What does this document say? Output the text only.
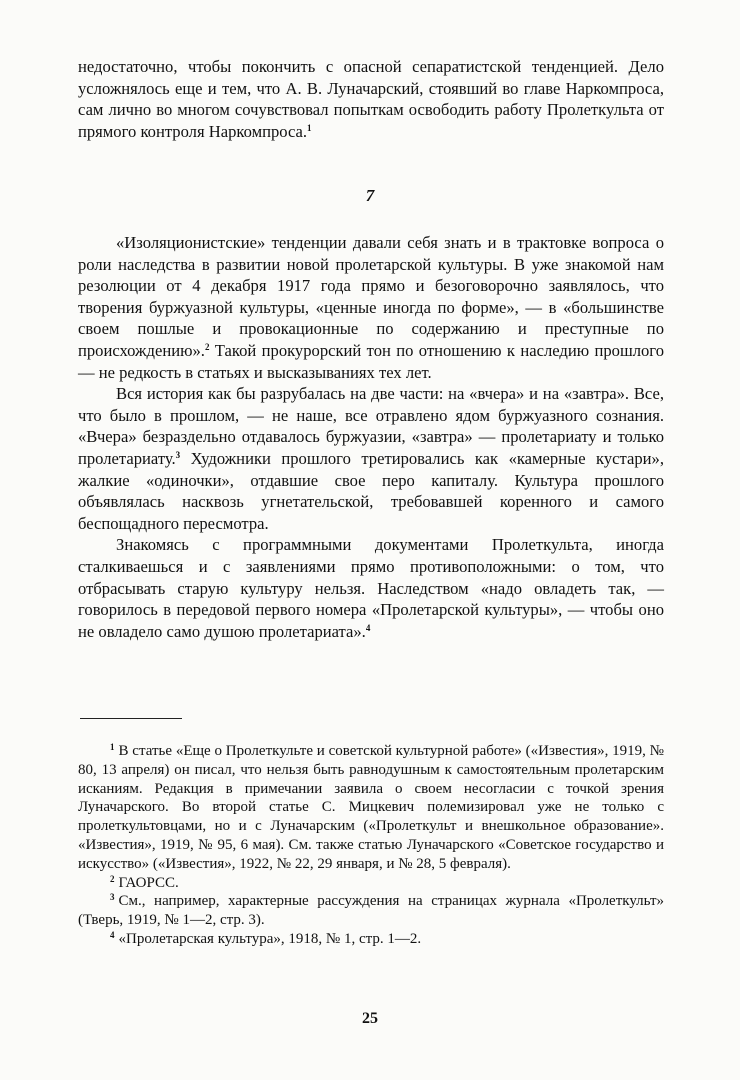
недостаточно, чтобы покончить с опасной сепаратистской тенденцией. Дело усложнялось еще и тем, что А. В. Луначарский, стоявший во главе Наркомпроса, сам лично во многом сочувствовал попыткам освободить работу Пролеткульта от прямого контроля Наркомпроса.$^1$

7

«Изоляционистские» тенденции давали себя знать и в трактовке вопроса о роли наследства в развитии новой пролетарской культуры. В уже знакомой нам резолюции от 4 декабря 1917 года прямо и безоговорочно заявлялось, что творения буржуазной культуры, «ценные иногда по форме», — в «большинстве своем пошлые и провокационные по содержанию и преступные по происхождению».$^2$ Такой прокурорский тон по отношению к наследию прошлого — не редкость в статьях и высказываниях тех лет.

Вся история как бы разрубалась на две части: на «вчера» и на «завтра». Все, что было в прошлом, — не наше, все отравлено ядом буржуазного сознания. «Вчера» безраздельно отдавалось буржуазии, «завтра» — пролетариату и только пролетариату.$^3$ Художники прошлого третировались как «камерные кустари», жалкие «одиночки», отдавшие свое перо капиталу. Культура прошлого объявлялась насквозь угнетательской, требовавшей коренного и самого беспощадного пересмотра.

Знакомясь с программными документами Пролеткульта, иногда сталкиваешься и с заявлениями прямо противоположными: о том, что отбрасывать старую культуру нельзя. Наследством «надо овладеть так, — говорилось в передовой первого номера «Пролетарской культуры», — чтобы оно не овладело само душою пролетариата».$^4$

$^1$ В статье «Еще о Пролеткульте и советской культурной работе» («Известия», 1919, № 80, 13 апреля) он писал, что нельзя быть равнодушным к самостоятельным пролетарским исканиям. Редакция в примечании заявила о своем несогласии с точкой зрения Луначарского. Во второй статье С. Мицкевич полемизировал уже не только с пролеткультовцами, но и с Луначарским («Пролеткульт и внешкольное образование». «Известия», 1919, № 95, 6 мая). См. также статью Луначарского «Советское государство и искусство» («Известия», 1922, № 22, 29 января, и № 28, 5 февраля).

$^2$ ГАОРСС.

$^3$ См., например, характерные рассуждения на страницах журнала «Пролеткульт» (Тверь, 1919, № 1—2, стр. 3).

$^4$ «Пролетарская культура», 1918, № 1, стр. 1—2.

25
